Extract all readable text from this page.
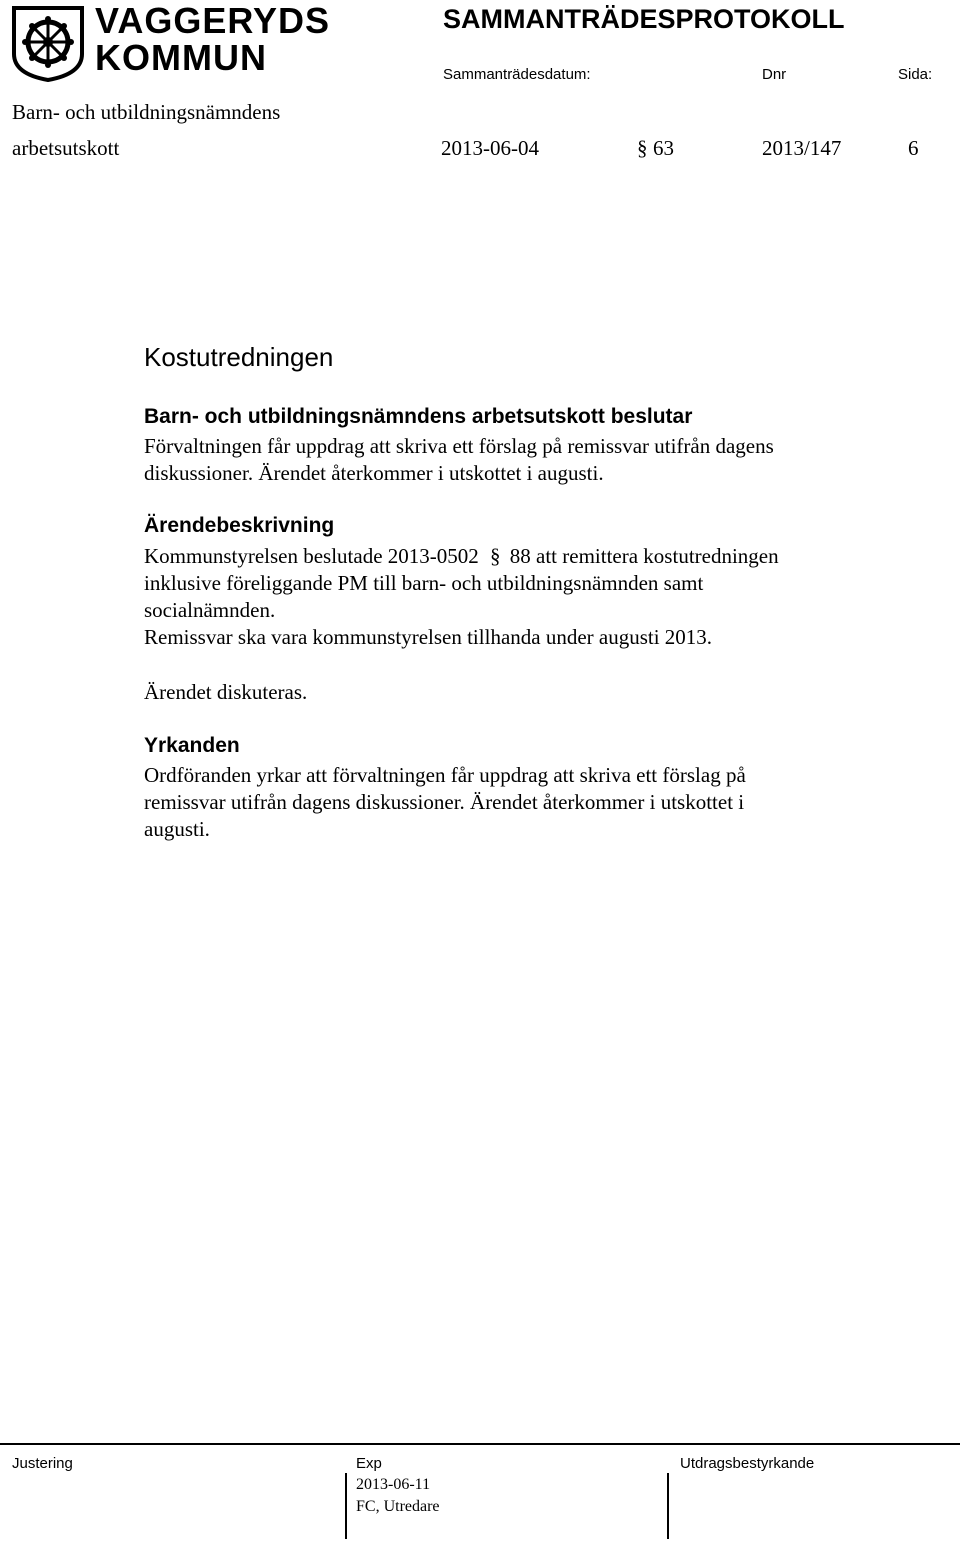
VAGGERYDS
KOMMUN
SAMMANTRÄDESPROTOKOLL
Sammanträdesdatum:	Dnr	Sida:
Barn- och utbildningsnämndens
arbetsutskott	2013-06-04	§ 63	2013/147	6
Kostutredningen
Barn- och utbildningsnämndens arbetsutskott beslutar
Förvaltningen får uppdrag att skriva ett förslag på remissvar utifrån dagens
diskussioner. Ärendet återkommer i utskottet i augusti.
Ärendebeskrivning
Kommunstyrelsen beslutade 2013-0502 § 88 att remittera kostutredningen
inklusive föreliggande PM till barn- och utbildningsnämnden samt
socialnämnden.
Remissvar ska vara kommunstyrelsen tillhanda under augusti 2013.
Ärendet diskuteras.
Yrkanden
Ordföranden yrkar att förvaltningen får uppdrag att skriva ett förslag på
remissvar utifrån dagens diskussioner. Ärendet återkommer i utskottet i
augusti.
Justering	Exp	Utdragsbestyrkande
2013-06-11
FC, Utredare
